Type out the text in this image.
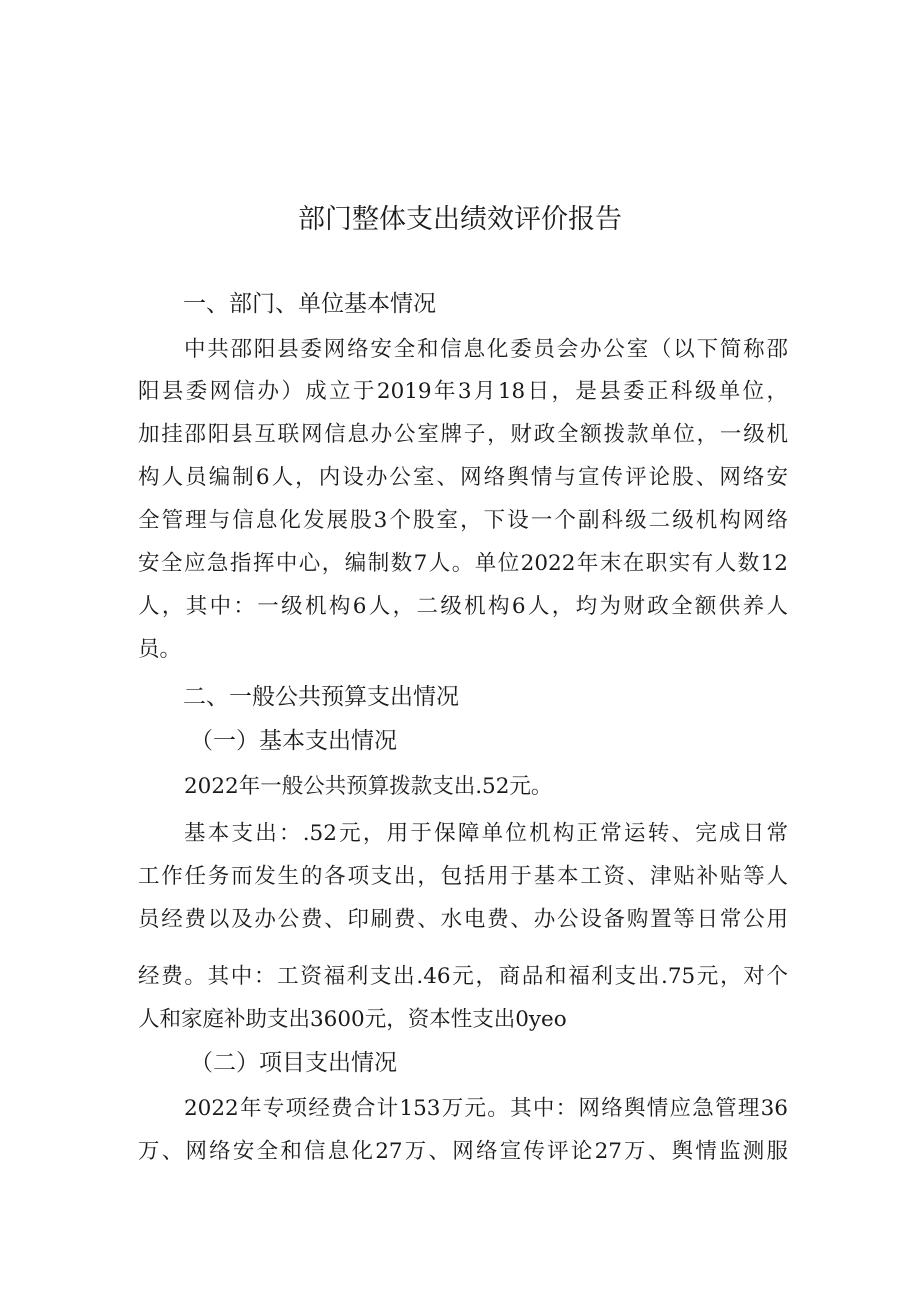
部门整体支出绩效评价报告
一、部门、单位基本情况
中共邵阳县委网络安全和信息化委员会办公室（以下简称邵
阳县委网信办）成立于2019年3月18日，是县委正科级单位，
加挂邵阳县互联网信息办公室牌子，财政全额拨款单位，一级机
构人员编制6人，内设办公室、网络舆情与宣传评论股、网络安
全管理与信息化发展股3个股室，下设一个副科级二级机构网络
安全应急指挥中心，编制数7人。单位2022年末在职实有人数12
人，其中：一级机构6人，二级机构6人，均为财政全额供养人
员。
二、一般公共预算支出情况
（一）基本支出情况
2022年一般公共预算拨款支出.52元。
基本支出：.52元，用于保障单位机构正常运转、完成日常
工作任务而发生的各项支出，包括用于基本工资、津贴补贴等人
员经费以及办公费、印刷费、水电费、办公设备购置等日常公用
经费。其中：工资福利支出.46元，商品和福利支出.75元，对个
人和家庭补助支出3600元，资本性支出0yeo
（二）项目支出情况
2022年专项经费合计153万元。其中：网络舆情应急管理36
万、网络安全和信息化27万、网络宣传评论27万、舆情监测服
